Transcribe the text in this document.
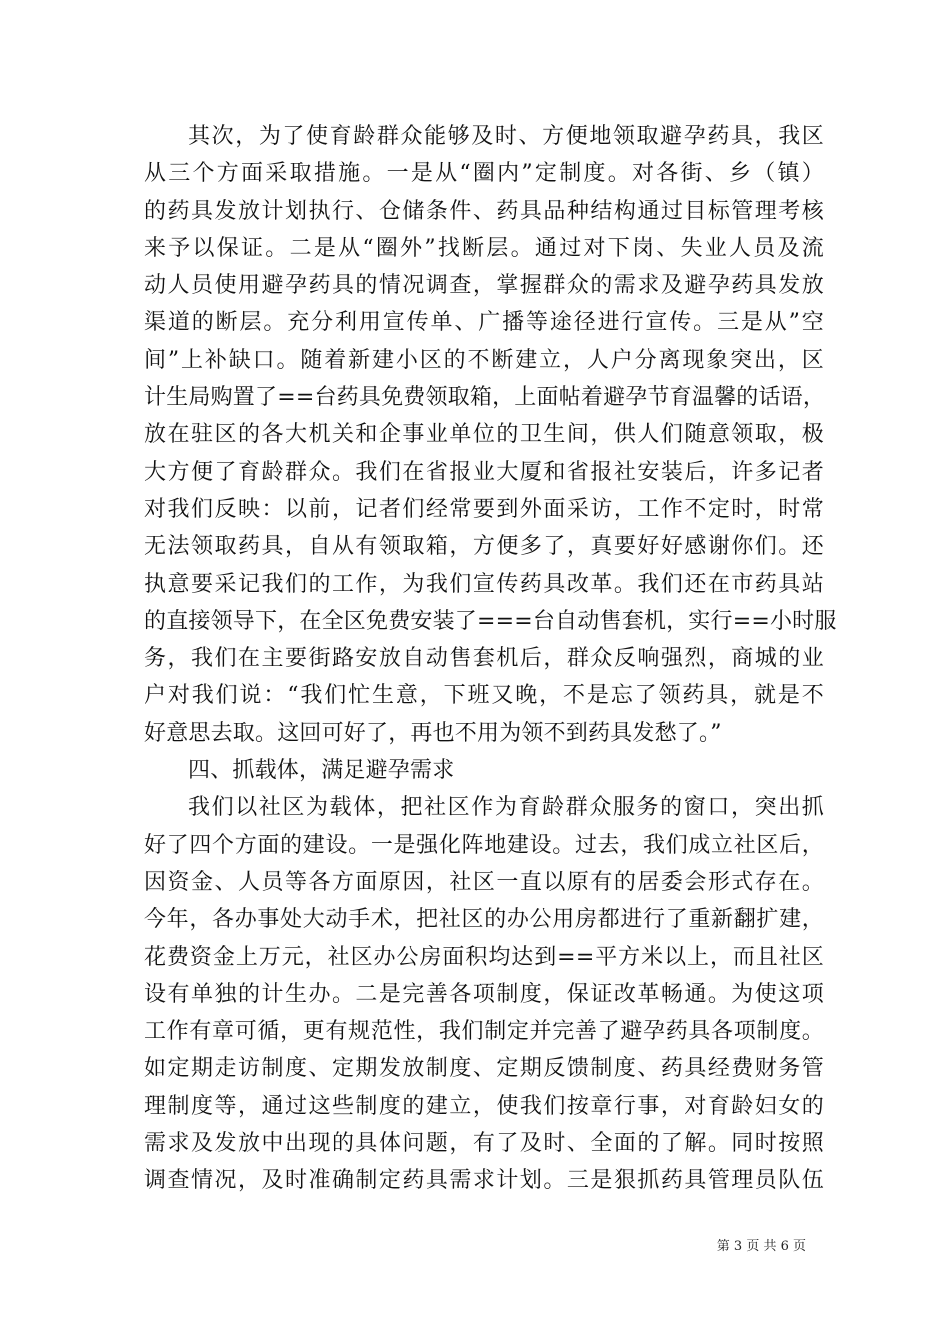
其次，为了使育龄群众能够及时、方便地领取避孕药具，我区
从三个方面采取措施。一是从“圈内”定制度。对各街、乡（镇）
的药具发放计划执行、仓储条件、药具品种结构通过目标管理考核
来予以保证。二是从“圈外”找断层。通过对下岗、失业人员及流
动人员使用避孕药具的情况调查，掌握群众的需求及避孕药具发放
渠道的断层。充分利用宣传单、广播等途径进行宣传。三是从”空
间”上补缺口。随着新建小区的不断建立，人户分离现象突出，区
计生局购置了==台药具免费领取箱，上面帖着避孕节育温馨的话语，
放在驻区的各大机关和企事业单位的卫生间，供人们随意领取，极
大方便了育龄群众。我们在省报业大厦和省报社安装后，许多记者
对我们反映：以前，记者们经常要到外面采访，工作不定时，时常
无法领取药具，自从有领取箱，方便多了，真要好好感谢你们。还
执意要采记我们的工作，为我们宣传药具改革。我们还在市药具站
的直接领导下，在全区免费安装了===台自动售套机，实行==小时服
务，我们在主要街路安放自动售套机后，群众反响强烈，商城的业
户对我们说：“我们忙生意，下班又晚，不是忘了领药具，就是不
好意思去取。这回可好了，再也不用为领不到药具发愁了。”
四、抓载体，满足避孕需求
我们以社区为载体，把社区作为育龄群众服务的窗口，突出抓
好了四个方面的建设。一是强化阵地建设。过去，我们成立社区后，
因资金、人员等各方面原因，社区一直以原有的居委会形式存在。
今年，各办事处大动手术，把社区的办公用房都进行了重新翻扩建，
花费资金上万元，社区办公房面积均达到==平方米以上，而且社区
设有单独的计生办。二是完善各项制度，保证改革畅通。为使这项
工作有章可循，更有规范性，我们制定并完善了避孕药具各项制度。
如定期走访制度、定期发放制度、定期反馈制度、药具经费财务管
理制度等，通过这些制度的建立，使我们按章行事，对育龄妇女的
需求及发放中出现的具体问题，有了及时、全面的了解。同时按照
调查情况，及时准确制定药具需求计划。三是狠抓药具管理员队伍
第 3 页 共 6 页
